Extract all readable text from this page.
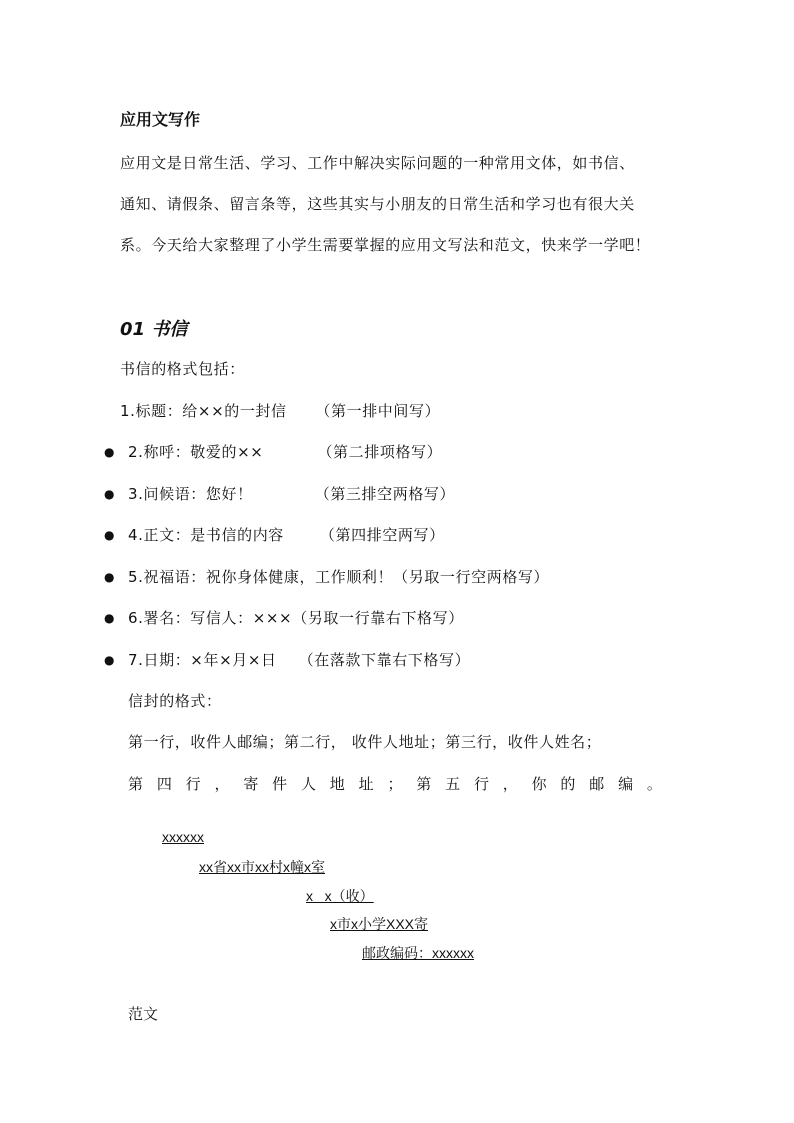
应用文写作
应用文是日常生活、学习、工作中解决实际问题的一种常用文体，如书信、
通知、请假条、留言条等，这些其实与小朋友的日常生活和学习也有很大关
系。今天给大家整理了小学生需要掌握的应用文写法和范文，快来学一学吧！
01 书信
书信的格式包括：
1.标题：给××的一封信 （第一排中间写）
● 2.称呼：敬爱的××	（第二排项格写）
● 3.问候语：您好！	（第三排空两格写）
● 4.正文：是书信的内容 （第四排空两写）
● 5.祝福语：祝你身体健康，工作顺利！（另取一行空两格写）
● 6.署名：写信人：×××（另取一行靠右下格写）
● 7.日期：×年×月×日 （在落款下靠右下格写）
信封的格式：
第一行，收件人邮编；第二行， 收件人地址；第三行，收件人姓名；
第 四 行 ， 寄 件 人 地 址 ； 第 五 行 ， 你 的 邮 编 。
xxxxxx
xx省xx市xx村x幢x室
x   x（收）
x市x小学XXX寄
邮政编码：xxxxxx
范文
